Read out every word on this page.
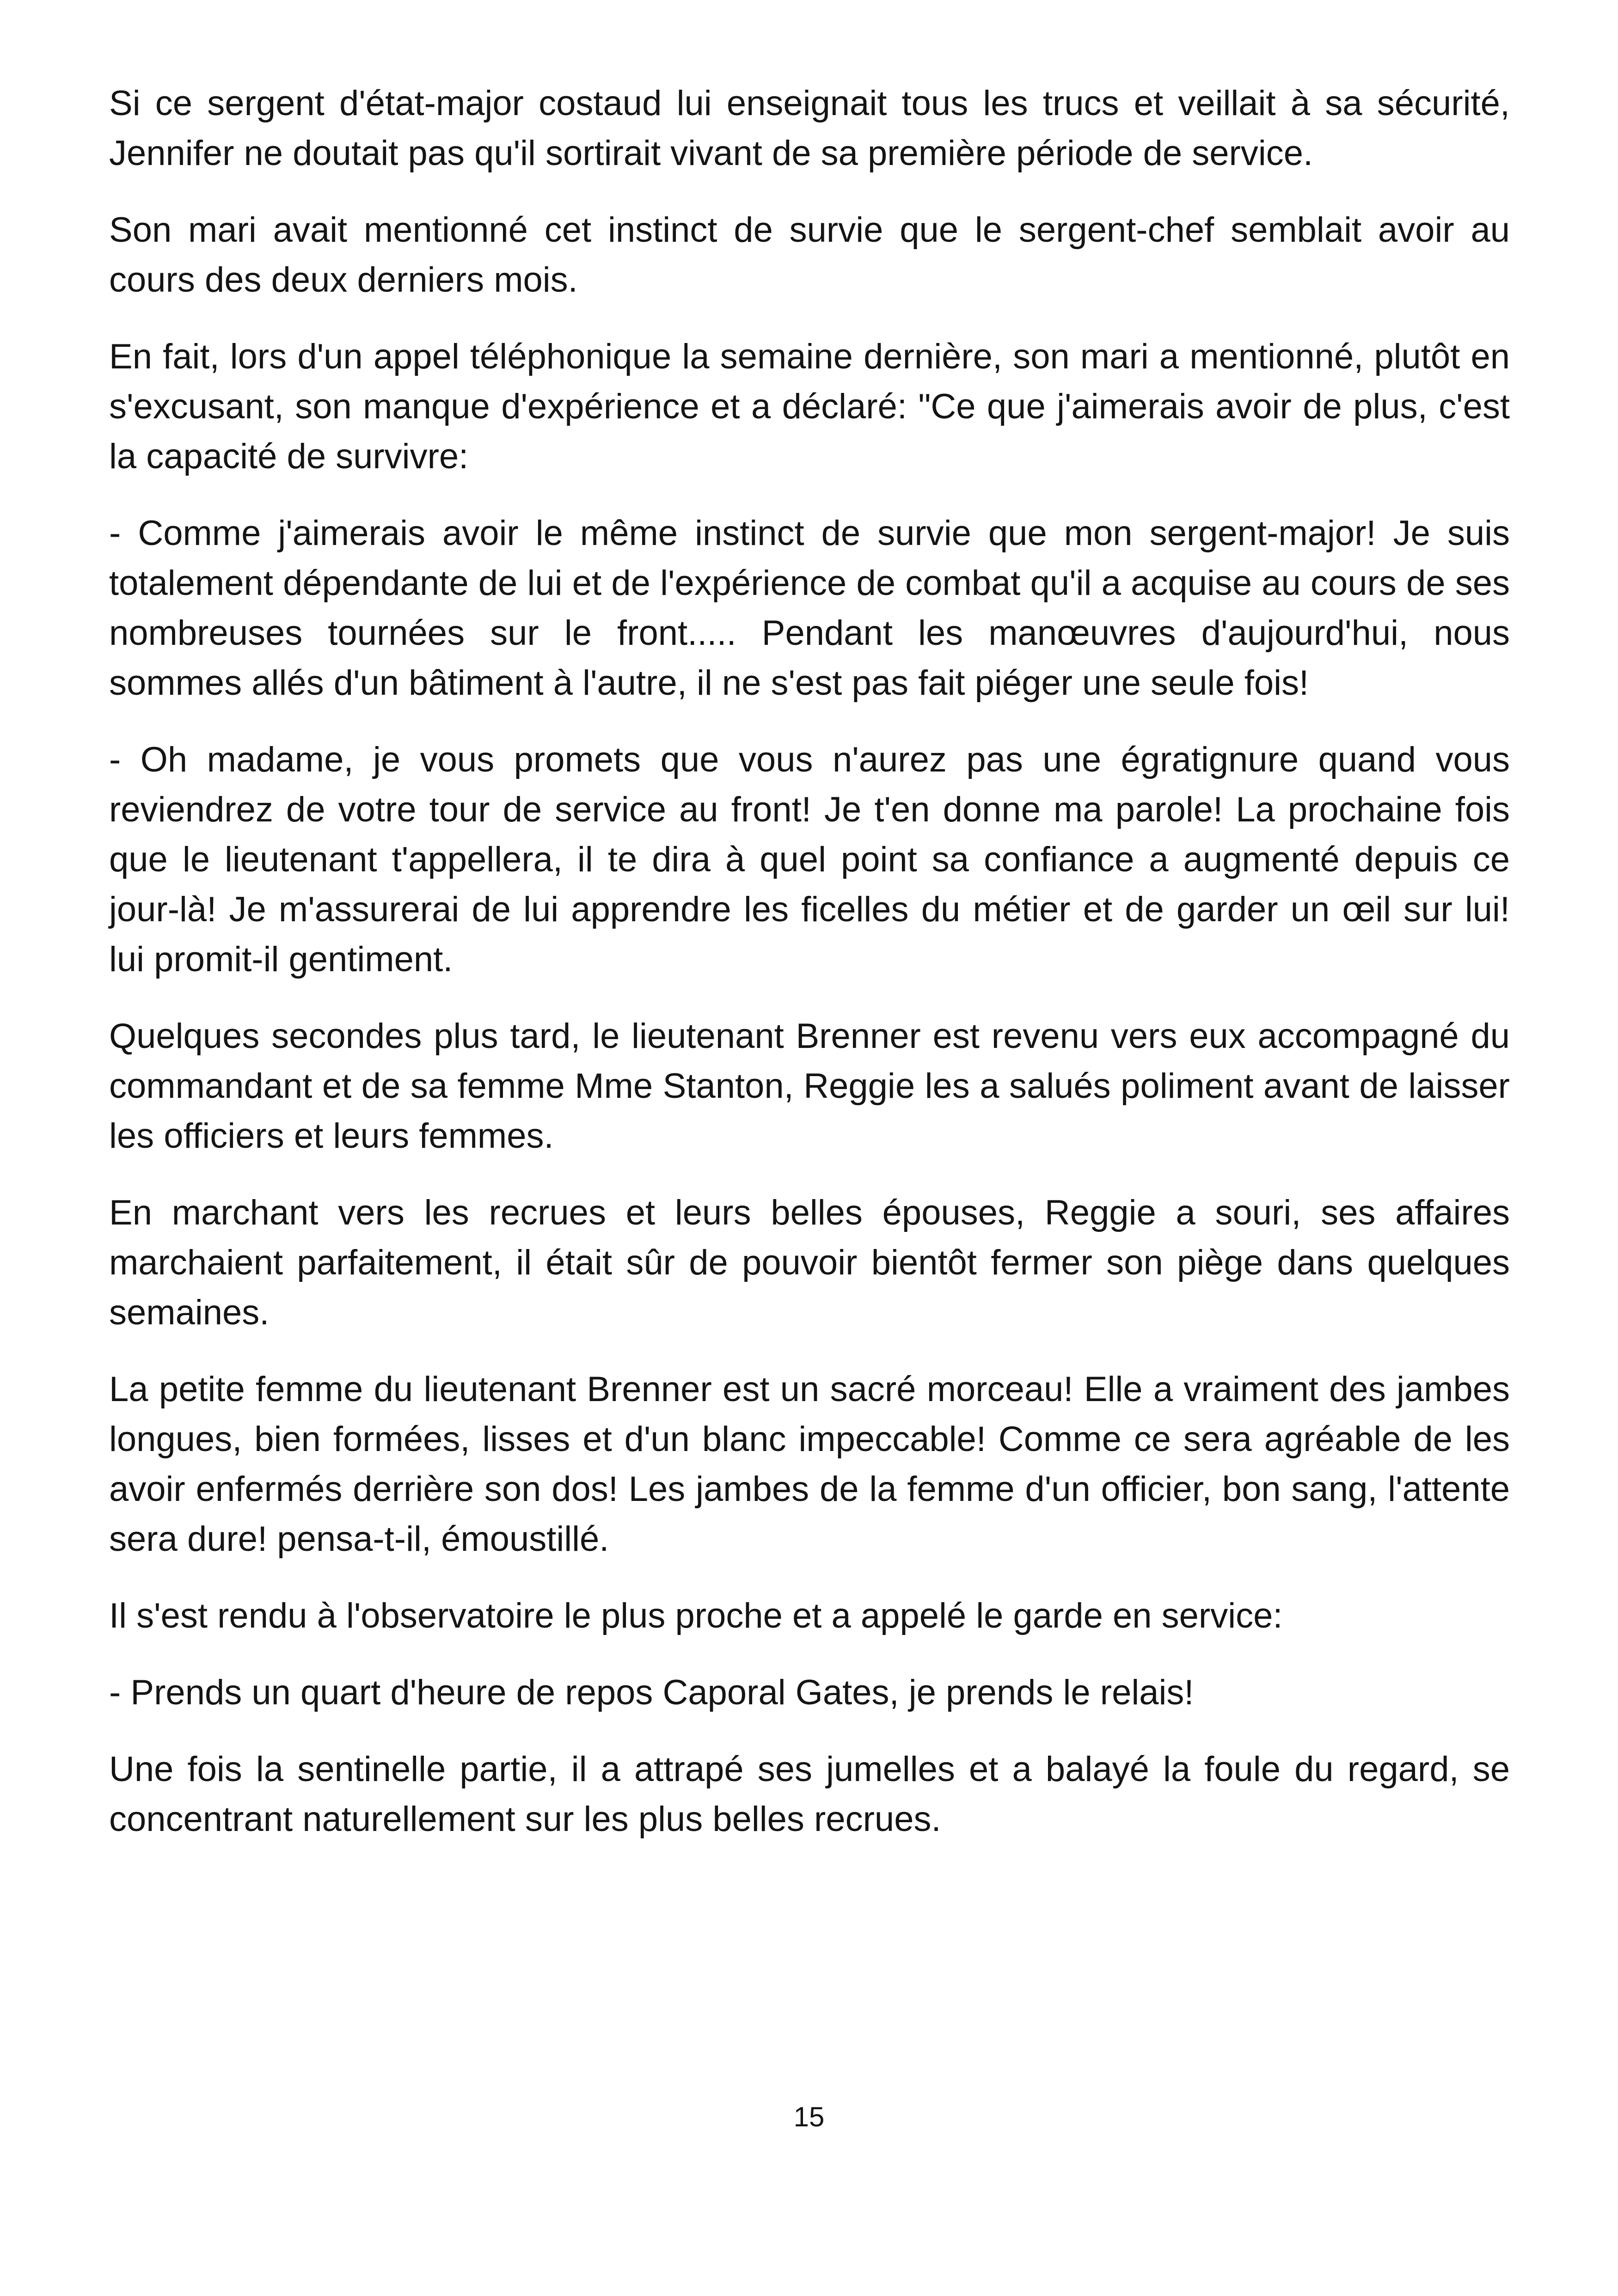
Si ce sergent d'état-major costaud lui enseignait tous les trucs et veillait à sa sécurité, Jennifer ne doutait pas qu'il sortirait vivant de sa première période de service.

Son mari avait mentionné cet instinct de survie que le sergent-chef semblait avoir au cours des deux derniers mois.

En fait, lors d'un appel téléphonique la semaine dernière, son mari a mentionné, plutôt en s'excusant, son manque d'expérience et a déclaré: "Ce que j'aimerais avoir de plus, c'est la capacité de survivre:

- Comme j'aimerais avoir le même instinct de survie que mon sergent-major! Je suis totalement dépendante de lui et de l'expérience de combat qu'il a acquise au cours de ses nombreuses tournées sur le front..... Pendant les manœuvres d'aujourd'hui, nous sommes allés d'un bâtiment à l'autre, il ne s'est pas fait piéger une seule fois!

- Oh madame, je vous promets que vous n'aurez pas une égratignure quand vous reviendrez de votre tour de service au front! Je t'en donne ma parole! La prochaine fois que le lieutenant t'appellera, il te dira à quel point sa confiance a augmenté depuis ce jour-là! Je m'assurerai de lui apprendre les ficelles du métier et de garder un œil sur lui! lui promit-il gentiment.

Quelques secondes plus tard, le lieutenant Brenner est revenu vers eux accompagné du commandant et de sa femme Mme Stanton, Reggie les a salués poliment avant de laisser les officiers et leurs femmes.

En marchant vers les recrues et leurs belles épouses, Reggie a souri, ses affaires marchaient parfaitement, il était sûr de pouvoir bientôt fermer son piège dans quelques semaines.

La petite femme du lieutenant Brenner est un sacré morceau! Elle a vraiment des jambes longues, bien formées, lisses et d'un blanc impeccable! Comme ce sera agréable de les avoir enfermés derrière son dos! Les jambes de la femme d'un officier, bon sang, l'attente sera dure! pensa-t-il, émoustillé.

Il s'est rendu à l'observatoire le plus proche et a appelé le garde en service:

- Prends un quart d'heure de repos Caporal Gates, je prends le relais!

Une fois la sentinelle partie, il a attrapé ses jumelles et a balayé la foule du regard, se concentrant naturellement sur les plus belles recrues.

15
